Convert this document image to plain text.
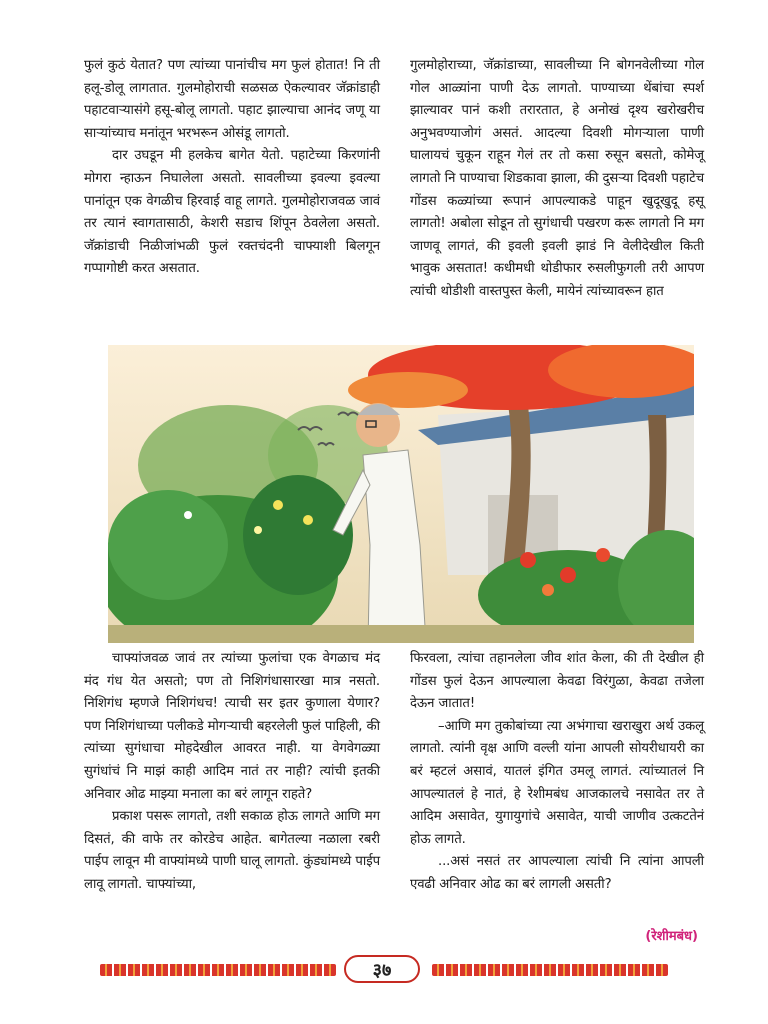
फुलं कुठं येतात? पण त्यांच्या पानांचीच मग फुलं होतात! नि ती हलू-डोलू लागतात. गुलमोहोराची सळसळ ऐकल्यावर जॅक्रांडाही पहाटवाऱ्यासंगे हसू-बोलू लागतो. पहाट झाल्याचा आनंद जणू या साऱ्यांच्याच मनांतून भरभरून ओसंडू लागतो.

दार उघडून मी हलकेच बागेत येतो. पहाटेच्या किरणांनी मोगरा न्हाऊन निघालेला असतो. सावलीच्या इवल्या इवल्या पानांतून एक वेगळीच हिरवाई वाहू लागते. गुलमोहोराजवळ जावं तर त्यानं स्वागतासाठी, केशरी सडाच शिंपून ठेवलेला असतो. जॅक्रांडाची निळीजांभळी फुलं रक्तचंदनी चाफ्याशी बिलगून गप्पागोष्टी करत असतात.

गुलमोहोराच्या, जॅक्रांडाच्या, सावलीच्या नि बोगनवेलीच्या गोल गोल आळ्यांना पाणी देऊ लागतो. पाण्याच्या थेंबांचा स्पर्श झाल्यावर पानं कशी तरारतात, हे अनोखं दृश्य खरोखरीच अनुभवण्याजोगं असतं. आदल्या दिवशी मोगऱ्याला पाणी घालायचं चुकून राहून गेलं तर तो कसा रुसून बसतो, कोमेजू लागतो नि पाण्याचा शिडकावा झाला, की दुसऱ्या दिवशी पहाटेच गोंडस कळ्यांच्या रूपानं आपल्याकडे पाहून खुदूखुदू हसू लागतो! अबोला सोडून तो सुगंधाची पखरण करू लागतो नि मग जाणवू लागतं, की इवली इवली झाडं नि वेलीदेखील किती भावुक असतात! कधीमधी थोडीफार रुसलीफुगली तरी आपण त्यांची थोडीशी वास्तपुस्त केली, मायेनं त्यांच्यावरून हात

चाफ्यांजवळ जावं तर त्यांच्या फुलांचा एक वेगळाच मंद मंद गंध येत असतो; पण तो निशिगंधासारखा मात्र नसतो. निशिगंध म्हणजे निशिगंधच! त्याची सर इतर कुणाला येणार? पण निशिगंधाच्या पलीकडे मोगऱ्याची बहरलेली फुलं पाहिली, की त्यांच्या सुगंधाचा मोहदेखील आवरत नाही. या वेगवेगळ्या सुगंधांचं नि माझं काही आदिम नातं तर नाही? त्यांची इतकी अनिवार ओढ माझ्या मनाला का बरं लागून राहते?

प्रकाश पसरू लागतो, तशी सकाळ होऊ लागते आणि मग दिसतं, की वाफे तर कोरडेच आहेत. बागेतल्या नळाला रबरी पाईप लावून मी वाफ्यांमध्ये पाणी घालू लागतो. कुंड्यांमध्ये पाईप लावू लागतो. चाफ्यांच्या,

फिरवला, त्यांचा तहानलेला जीव शांत केला, की ती देखील ही गोंडस फुलं देऊन आपल्याला केवढा विरंगुळा, केवढा तजेला देऊन जातात!

–आणि मग तुकोबांच्या त्या अभंगाचा खराखुरा अर्थ उकलू लागतो. त्यांनी वृक्ष आणि वल्ली यांना आपली सोयरीधायरी का बरं म्हटलं असावं, यातलं इंगित उमलू लागतं. त्यांच्यातलं नि आपल्यातलं हे नातं, हे रेशीमबंध आजकालचे नसावेत तर ते आदिम असावेत, युगायुगांचे असावेत, याची जाणीव उत्कटतेनं होऊ लागते.

...असं नसतं तर आपल्याला त्यांची नि त्यांना आपली एवढी अनिवार ओढ का बरं लागली असती?

(रेशीमबंध)
३७
